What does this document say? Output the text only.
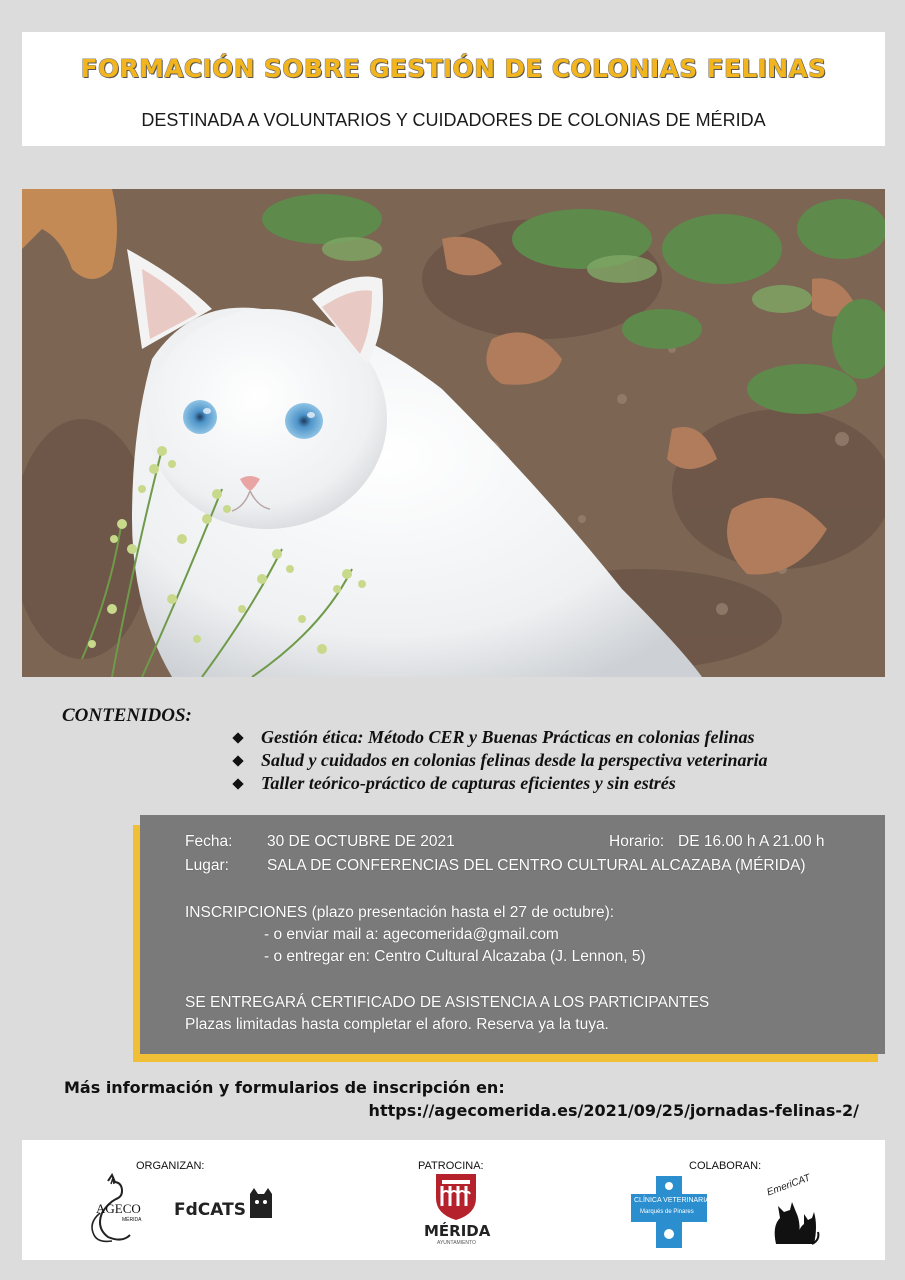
FORMACIÓN SOBRE GESTIÓN DE COLONIAS FELINAS
DESTINADA A VOLUNTARIOS Y CUIDADORES DE COLONIAS DE MÉRIDA
CONTENIDOS:
Gestión ética: Método CER y Buenas Prácticas en colonias felinas
Salud y cuidados en colonias felinas desde la perspectiva veterinaria
Taller teórico-práctico de capturas eficientes y sin estrés
Fecha: 30 DE OCTUBRE DE 2021	Horario: DE 16.00 h A 21.00 h
Lugar: SALA DE CONFERENCIAS DEL CENTRO CULTURAL ALCAZABA (MÉRIDA)
INSCRIPCIONES (plazo presentación hasta el 27 de octubre):
- o enviar mail a: agecomerida@gmail.com
- o entregar en: Centro Cultural Alcazaba (J. Lennon, 5)
SE ENTREGARÁ CERTIFICADO DE ASISTENCIA A LOS PARTICIPANTES
Plazas limitadas hasta completar el aforo. Reserva ya la tuya.
Más información y formularios de inscripción en:
https://agecomerida.es/2021/09/25/jornadas-felinas-2/
ORGANIZAN:	PATROCINA:	COLABORAN:
AGECO
MÉRIDA FdCATS
MÉRIDA
AYUNTAMIENTO
CLÍNICA VETERINARIA
Marqués de Pinares
EmeriCAT
